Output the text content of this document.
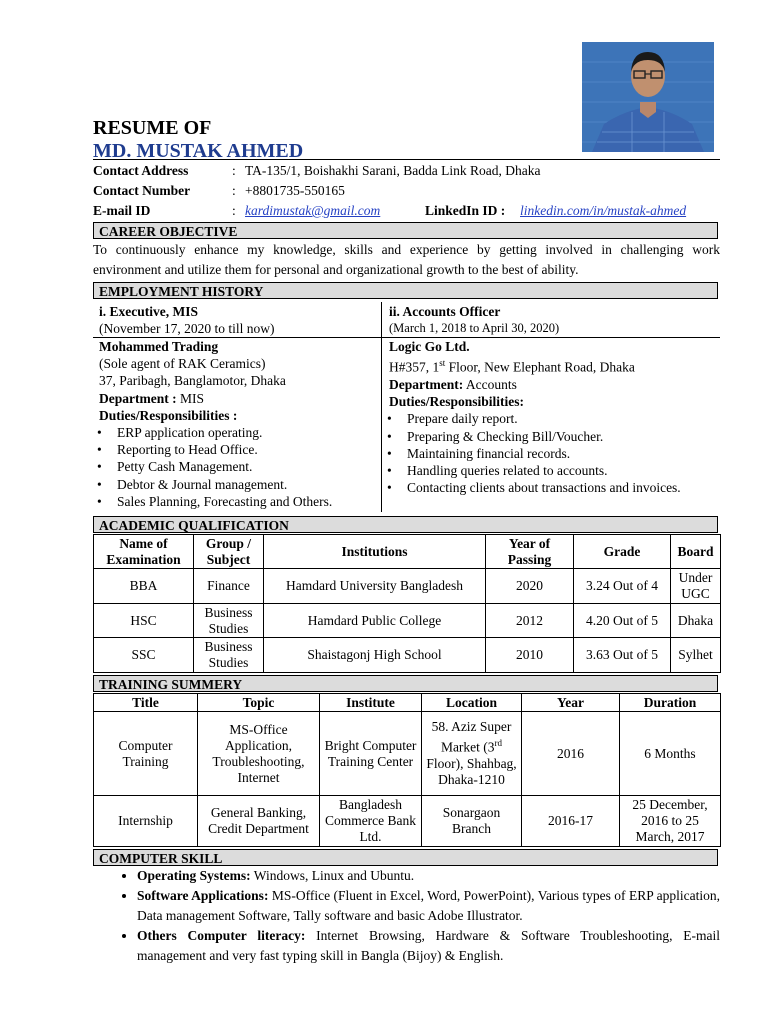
RESUME OF
MD. MUSTAK AHMED
Contact Address	: TA-135/1, Boishakhi Sarani, Badda Link Road, Dhaka
Contact Number	: +8801735-550165
E-mail ID	: kardimustak@gmail.com	LinkedIn ID : linkedin.com/in/mustak-ahmed
CAREER OBJECTIVE
To continuously enhance my knowledge, skills and experience by getting involved in challenging work environment and utilize them for personal and organizational growth to the best of ability.
EMPLOYMENT HISTORY
i. Executive, MIS
(November 17, 2020 to till now)
ii. Accounts Officer
(March 1, 2018 to April 30, 2020)
Mohammed Trading
(Sole agent of RAK Ceramics)
37, Paribagh, Banglamotor, Dhaka
Department : MIS
Duties/Responsibilities :
• ERP application operating.
• Reporting to Head Office.
• Petty Cash Management.
• Debtor & Journal management.
• Sales Planning, Forecasting and Others.
Logic Go Ltd.
H#357, 1st Floor, New Elephant Road, Dhaka
Department: Accounts
Duties/Responsibilities:
• Prepare daily report.
• Preparing & Checking Bill/Voucher.
• Maintaining financial records.
• Handling queries related to accounts.
• Contacting clients about transactions and invoices.
ACADEMIC QUALIFICATION
Name of Examination	Group / Subject	Institutions	Year of Passing	Grade	Board
BBA	Finance	Hamdard University Bangladesh	2020	3.24 Out of 4	Under UGC
HSC	Business Studies	Hamdard Public College	2012	4.20 Out of 5	Dhaka
SSC	Business Studies	Shaistagonj High School	2010	3.63 Out of 5	Sylhet
TRAINING SUMMERY
Title	Topic	Institute	Location	Year	Duration
Computer Training	MS-Office Application, Troubleshooting, Internet	Bright Computer Training Center	58. Aziz Super Market (3rd Floor), Shahbag, Dhaka-1210	2016	6 Months
Internship	General Banking, Credit Department	Bangladesh Commerce Bank Ltd.	Sonargaon Branch	2016-17	25 December, 2016 to 25 March, 2017
COMPUTER SKILL
• Operating Systems: Windows, Linux and Ubuntu.
• Software Applications: MS-Office (Fluent in Excel, Word, PowerPoint), Various types of ERP application, Data management Software, Tally software and basic Adobe Illustrator.
• Others Computer literacy: Internet Browsing, Hardware & Software Troubleshooting, E-mail management and very fast typing skill in Bangla (Bijoy) & English.
